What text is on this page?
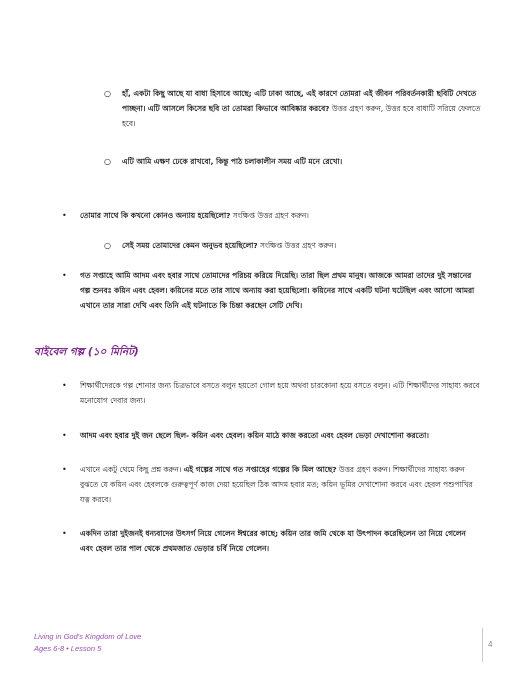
○	হাঁ, একটা কিছু আছে যা বাধা হিসাবে আছে; এটি ঢাকা আছে, এই কারণে তোমরা এই জীবন পরিবর্তনকারী ছবিটি দেখতে পাচ্ছনা। এটি আসলে কিসের ছবি তা তোমরা কিভাবে আবিষ্কার করবে? উত্তর গ্রহণ করুন, উত্তর হবে বাধাটি সরিয়ে ফেলতে হবে।
○	এটি আমি এক্ষণ ঢেকে রাখবো, কিন্তু পাঠ চলাকালীন সময় এটি মনে রেখো।
•	তোমার সাথে কি কখনো কোনও অন্যায় হয়েছিলো? সংক্ষিপ্ত উত্তর গ্রহণ করুন।
○	সেই সময় তোমাদের কেমন অনুভব হয়েছিলো? সংক্ষিপ্ত উত্তর গ্রহণ করুন।
•	গত সপ্তাহে আমি আদম এবং হবার সাথে তোমাদের পরিচয় করিয়ে দিয়েছি। তারা ছিল প্রথম মানুষ। আজকে আমরা তাদের দুই সন্তানের গল্প শুনবঃ কয়িন এবং হেবল। কয়িনের মতে তার সাথে অন্যায় করা হয়েছিলো। কয়িনের সাথে একটি ঘটনা ঘটেছিল এবং আসো আমরা এখানে তার সারা দেখি এবং তিনি এই ঘটনাতে কি চিন্তা করছেন সেটি দেখি।
বাইবেল গল্প (১০ মিনিট)
•	শিক্ষার্থীদেরকে গল্প শোনার জন্য চিত্রভাবে বসতে বলুন হয়তো গোল হয়ে অথবা চারকোনা হয়ে বসতে বলুন। এটি শিক্ষার্থীদের সাহায্য করবে মনোযোগ দেবার জন্য।
•	আদম এবং হবার দুই জন ছেলে ছিল- কয়িন এবং হেবল। কয়িন মাঠে কাজ করতো এবং হেবল ভেড়া দেখাশোনা করতো।
•	এখানে একটু থেমে কিছু প্রশ্ন করুন। এই গল্পের সাথে গত সপ্তাহের গল্পের কি মিল আছে? উত্তর গ্রহণ করুন। শিক্ষার্থীদের সাহায্য করুন বুঝতে যে কয়িন এবং হেবলকে গুরুত্বপূর্ণ কাজ দেয়া হয়েছিল ঠিক আদম হবার মত; কয়িন ভূমির দেখাশোনা করবে এবং হেবল পশুপাখির যত্ন করবে।
•	একদিন তারা দুইজনই ধন্যবাদের উৎসর্গ নিয়ে গেলেন ঈশ্বরের কাছে; কয়িন তার জমি থেকে যা উৎপাদন করেছিলেন তা নিয়ে গেলেন এবং হেবল তার পাল থেকে প্রথমজাত ভেড়ার চর্বি নিয়ে গেলেন।
Living in God's Kingdom of Love
Ages 6-8 • Lesson 5	4
